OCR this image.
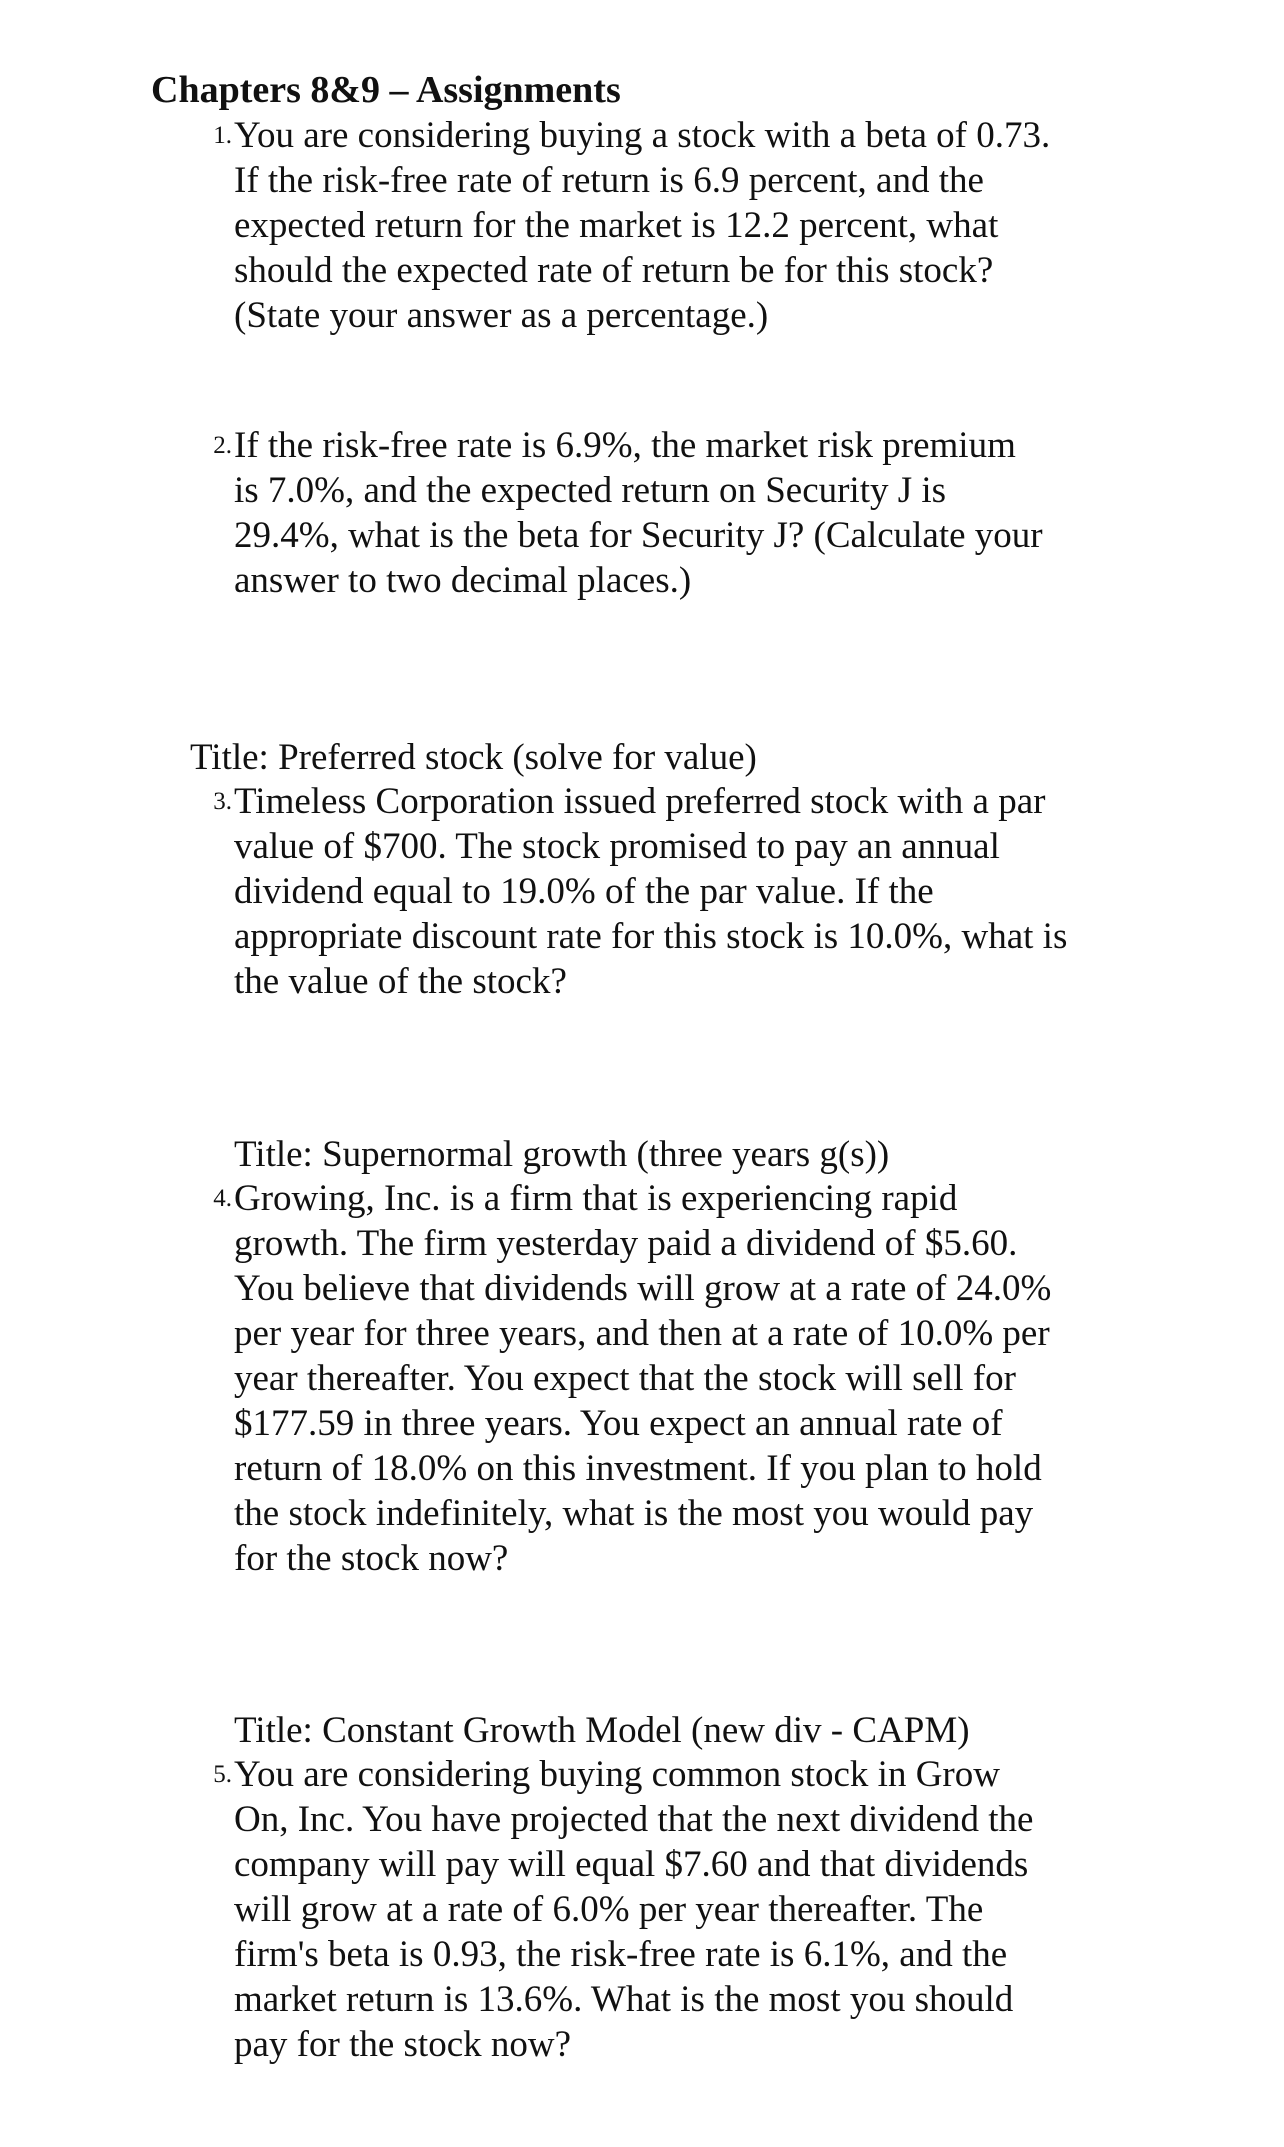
Chapters 8&9 – Assignments
1. You are considering buying a stock with a beta of 0.73.
If the risk-free rate of return is 6.9 percent, and the
expected return for the market is 12.2 percent, what
should the expected rate of return be for this stock?
(State your answer as a percentage.)
2. If the risk-free rate is 6.9%, the market risk premium
is 7.0%, and the expected return on Security J is
29.4%, what is the beta for Security J? (Calculate your
answer to two decimal places.)
Title: Preferred stock (solve for value)
3. Timeless Corporation issued preferred stock with a par
value of $700. The stock promised to pay an annual
dividend equal to 19.0% of the par value. If the
appropriate discount rate for this stock is 10.0%, what is
the value of the stock?
Title: Supernormal growth (three years g(s))
4. Growing, Inc. is a firm that is experiencing rapid
growth. The firm yesterday paid a dividend of $5.60.
You believe that dividends will grow at a rate of 24.0%
per year for three years, and then at a rate of 10.0% per
year thereafter. You expect that the stock will sell for
$177.59 in three years. You expect an annual rate of
return of 18.0% on this investment. If you plan to hold
the stock indefinitely, what is the most you would pay
for the stock now?
Title: Constant Growth Model (new div - CAPM)
5. You are considering buying common stock in Grow
On, Inc. You have projected that the next dividend the
company will pay will equal $7.60 and that dividends
will grow at a rate of 6.0% per year thereafter. The
firm's beta is 0.93, the risk-free rate is 6.1%, and the
market return is 13.6%. What is the most you should
pay for the stock now?
